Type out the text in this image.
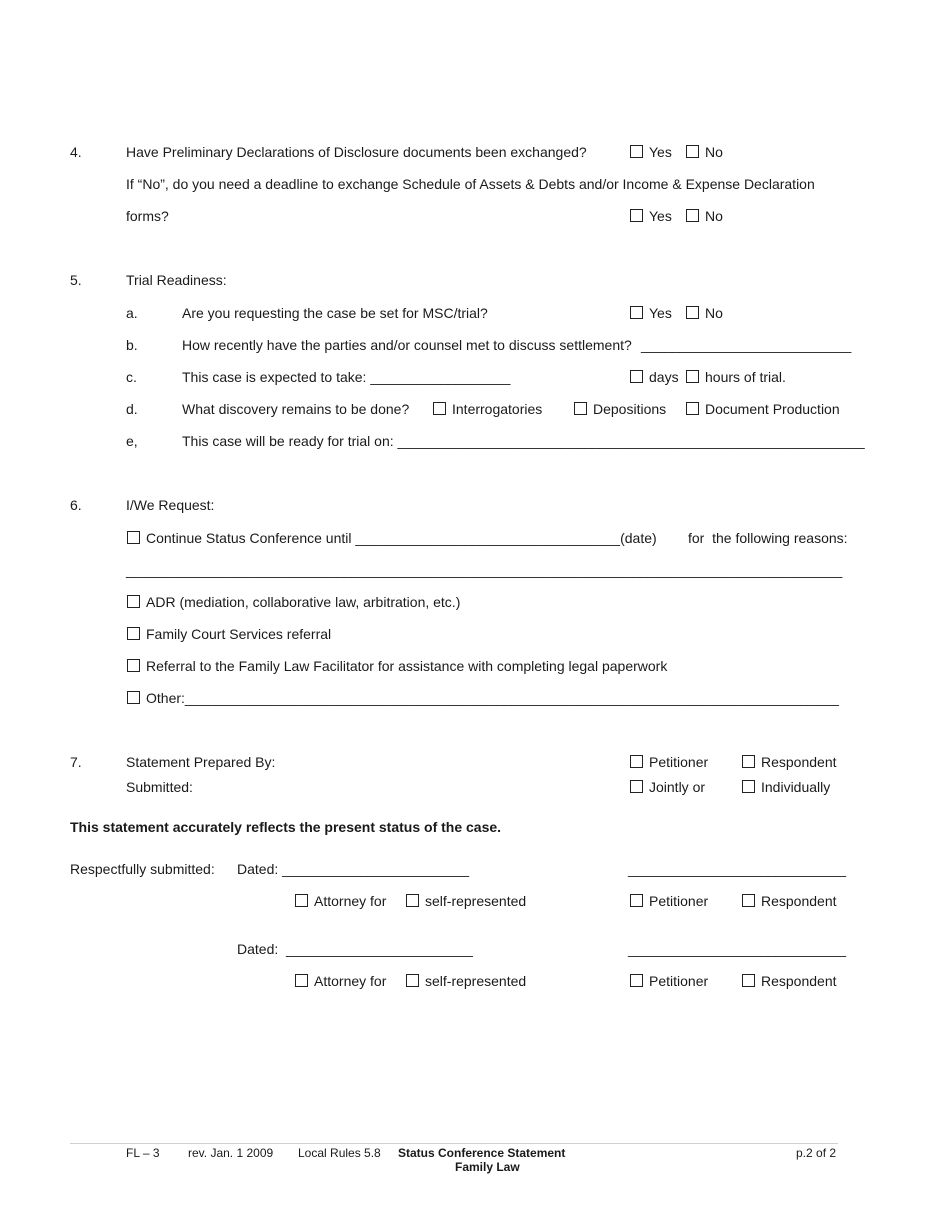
4.	Have Preliminary Declarations of Disclosure documents been exchanged?	Yes No
If “No”, do you need a deadline to exchange Schedule of Assets & Debts and/or Income & Expense Declaration
forms?	Yes No
5.	Trial Readiness:
a.	Are you requesting the case be set for MSC/trial?	Yes No
b.	How recently have the parties and/or counsel met to discuss settlement? ___________________________
c.	This case is expected to take: __________________	days hours of trial.
d.	What discovery remains to be done?	Interrogatories	Depositions	Document Production
e,	This case will be ready for trial on: ____________________________________________________________
6.	I/We Request:
Continue Status Conference until __________________________________(date) for  the following reasons:
____________________________________________________________________________________________
ADR (mediation, collaborative law, arbitration, etc.)
Family Court Services referral
Referral to the Family Law Facilitator for assistance with completing legal paperwork
Other:____________________________________________________________________________________
7.	Statement Prepared By:	Petitioner	Respondent
Submitted:	Jointly or	Individually
This statement accurately reflects the present status of the case.
Respectfully submitted: Dated: ________________________	____________________________
Attorney for	self-represented	Petitioner	Respondent
Dated:  ________________________	____________________________
Attorney for	self-represented	Petitioner	Respondent
FL – 3 rev. Jan. 1 2009 Local Rules 5.8 Status Conference Statement
Family Law
p.2 of 2
